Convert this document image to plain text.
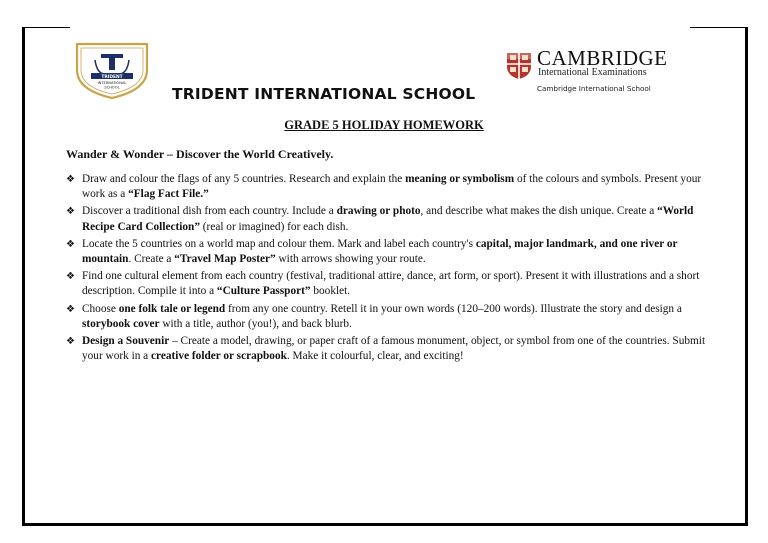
TRIDENT
INTERNATIONAL
SCHOOL	TRIDENT INTERNATIONAL SCHOOL
CAMBRIDGE
International Examinations
Cambridge International School
GRADE 5 HOLIDAY HOMEWORK
Wander & Wonder – Discover the World Creatively.
❖ Draw and colour the flags of any 5 countries. Research and explain the meaning or symbolism of the colours and symbols. Present your work as a “Flag Fact File.”
❖ Discover a traditional dish from each country. Include a drawing or photo, and describe what makes the dish unique. Create a “World Recipe Card Collection” (real or imagined) for each dish.
❖ Locate the 5 countries on a world map and colour them. Mark and label each country's capital, major landmark, and one river or mountain. Create a “Travel Map Poster” with arrows showing your route.
❖ Find one cultural element from each country (festival, traditional attire, dance, art form, or sport). Present it with illustrations and a short description. Compile it into a “Culture Passport” booklet.
❖ Choose one folk tale or legend from any one country. Retell it in your own words (120–200 words). Illustrate the story and design a storybook cover with a title, author (you!), and back blurb.
❖ Design a Souvenir – Create a model, drawing, or paper craft of a famous monument, object, or symbol from one of the countries. Submit your work in a creative folder or scrapbook. Make it colourful, clear, and exciting!
